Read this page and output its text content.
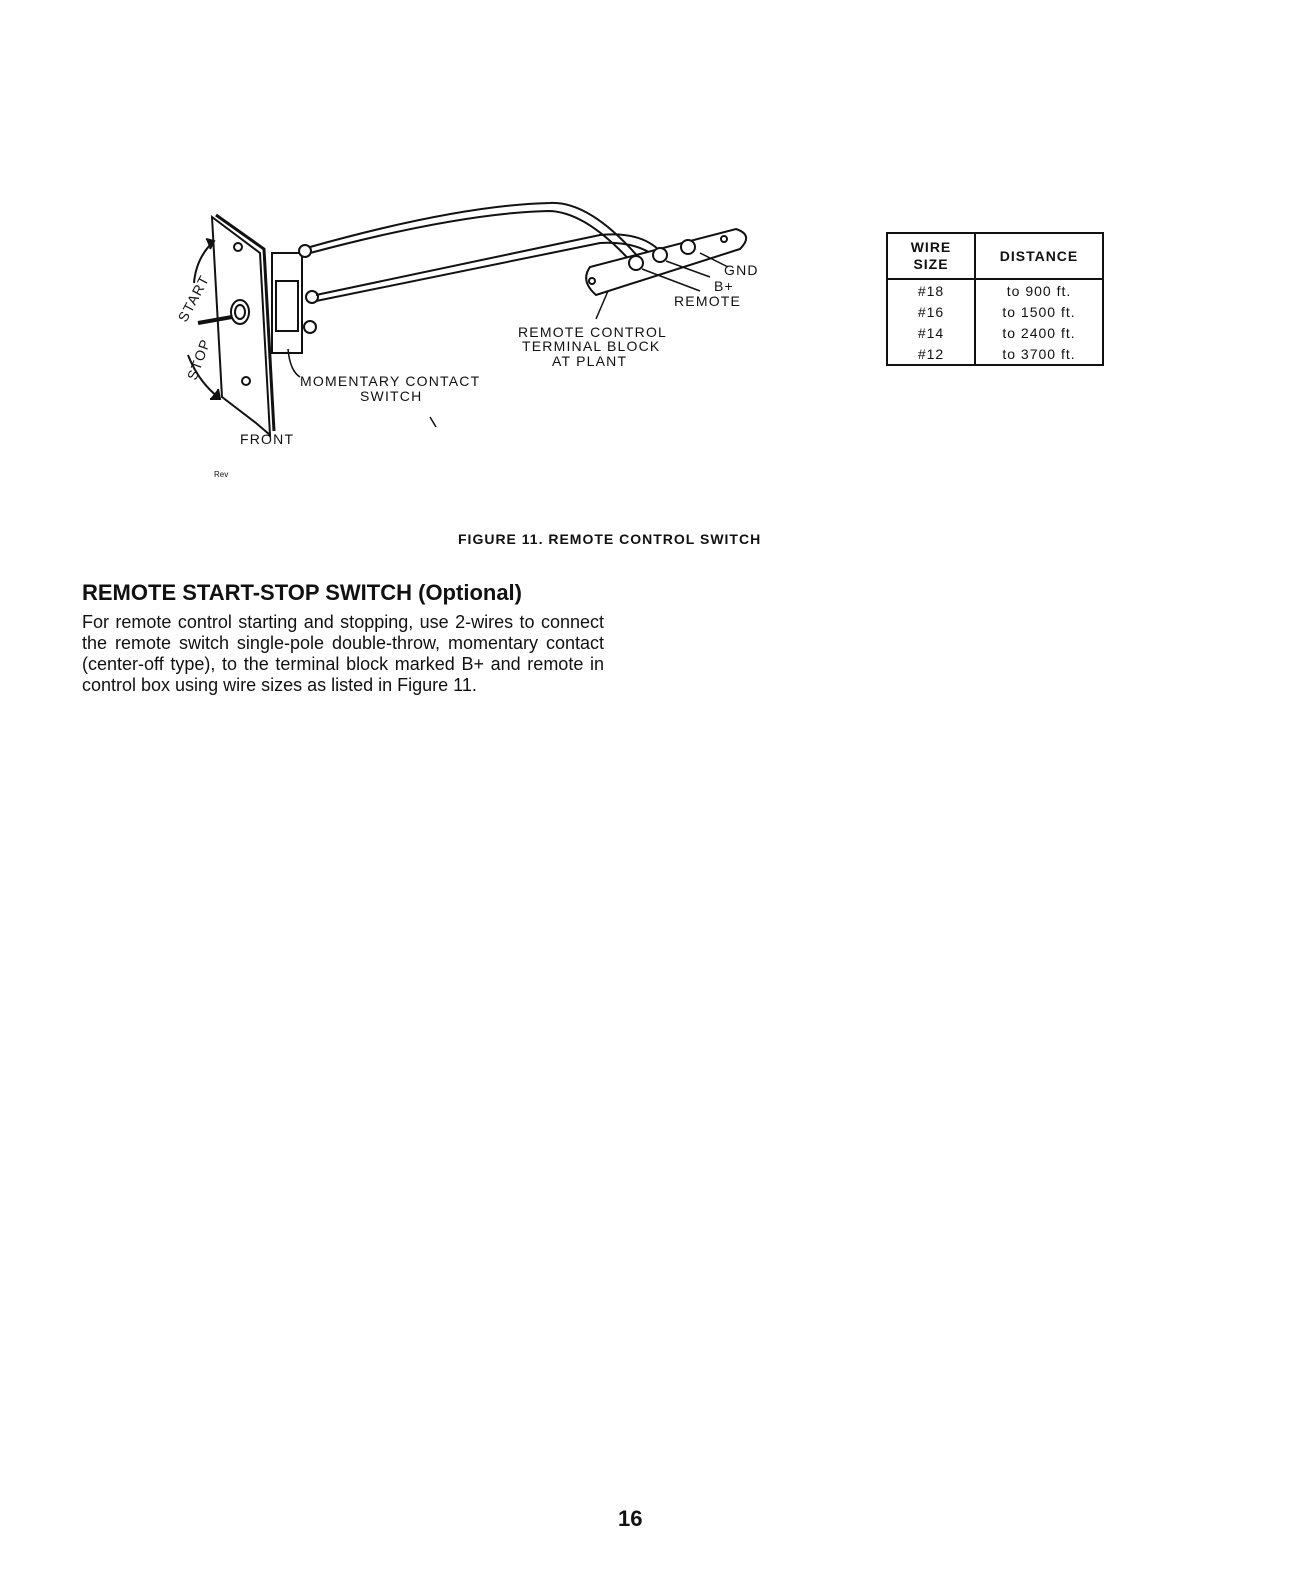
START
STOP	MOMENTARY CONTACT
SWITCH
FRONT
Rev
REMOTE CONTROL
TERMINAL BLOCK
AT PLANT
GND
B+
REMOTE
WIRE
SIZE	DISTANCE
#18	to 900 ft.
#16	to 1500 ft.
#14	to 2400 ft.
#12	to 3700 ft.
FIGURE 11. REMOTE CONTROL SWITCH
REMOTE START-STOP SWITCH (Optional)

For remote control starting and stopping, use 2-wires to connect the remote switch single-pole double-throw, momentary contact (center-off type), to the terminal block marked B+ and remote in control box using wire sizes as listed in Figure 11.

16
